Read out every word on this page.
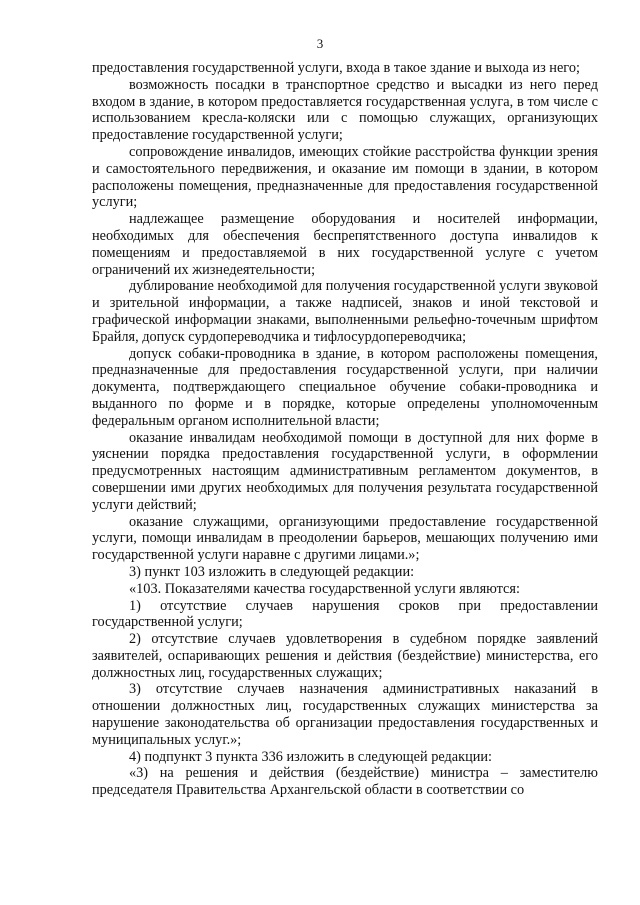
3

предоставления государственной услуги, входа в такое здание и выхода из него;

возможность посадки в транспортное средство и высадки из него перед входом в здание, в котором предоставляется государственная услуга, в том числе с использованием кресла-коляски или с помощью служащих, организующих предоставление государственной услуги;

сопровождение инвалидов, имеющих стойкие расстройства функции зрения и самостоятельного передвижения, и оказание им помощи в здании, в котором расположены помещения, предназначенные для предоставления государственной услуги;

надлежащее размещение оборудования и носителей информации, необходимых для обеспечения беспрепятственного доступа инвалидов к помещениям и предоставляемой в них государственной услуге с учетом ограничений их жизнедеятельности;

дублирование необходимой для получения государственной услуги звуковой и зрительной информации, а также надписей, знаков и иной текстовой и графической информации знаками, выполненными рельефно-точечным шрифтом Брайля, допуск сурдопереводчика и тифлосурдопереводчика;

допуск собаки-проводника в здание, в котором расположены помещения, предназначенные для предоставления государственной услуги, при наличии документа, подтверждающего специальное обучение собаки-проводника и выданного по форме и в порядке, которые определены уполномоченным федеральным органом исполнительной власти;

оказание инвалидам необходимой помощи в доступной для них форме в уяснении порядка предоставления государственной услуги, в оформлении предусмотренных настоящим административным регламентом документов, в совершении ими других необходимых для получения результата государственной услуги действий;

оказание служащими, организующими предоставление государственной услуги, помощи инвалидам в преодолении барьеров, мешающих получению ими государственной услуги наравне с другими лицами.»;

3) пункт 103 изложить в следующей редакции:

«103. Показателями качества государственной услуги являются:

1) отсутствие случаев нарушения сроков при предоставлении государственной услуги;

2) отсутствие случаев удовлетворения в судебном порядке заявлений заявителей, оспаривающих решения и действия (бездействие) министерства, его должностных лиц, государственных служащих;

3) отсутствие случаев назначения административных наказаний в отношении должностных лиц, государственных служащих министерства за нарушение законодательства об организации предоставления государственных и муниципальных услуг.»;

4) подпункт 3 пункта 336 изложить в следующей редакции:

«3) на решения и действия (бездействие) министра – заместителю председателя Правительства Архангельской области в соответствии со
